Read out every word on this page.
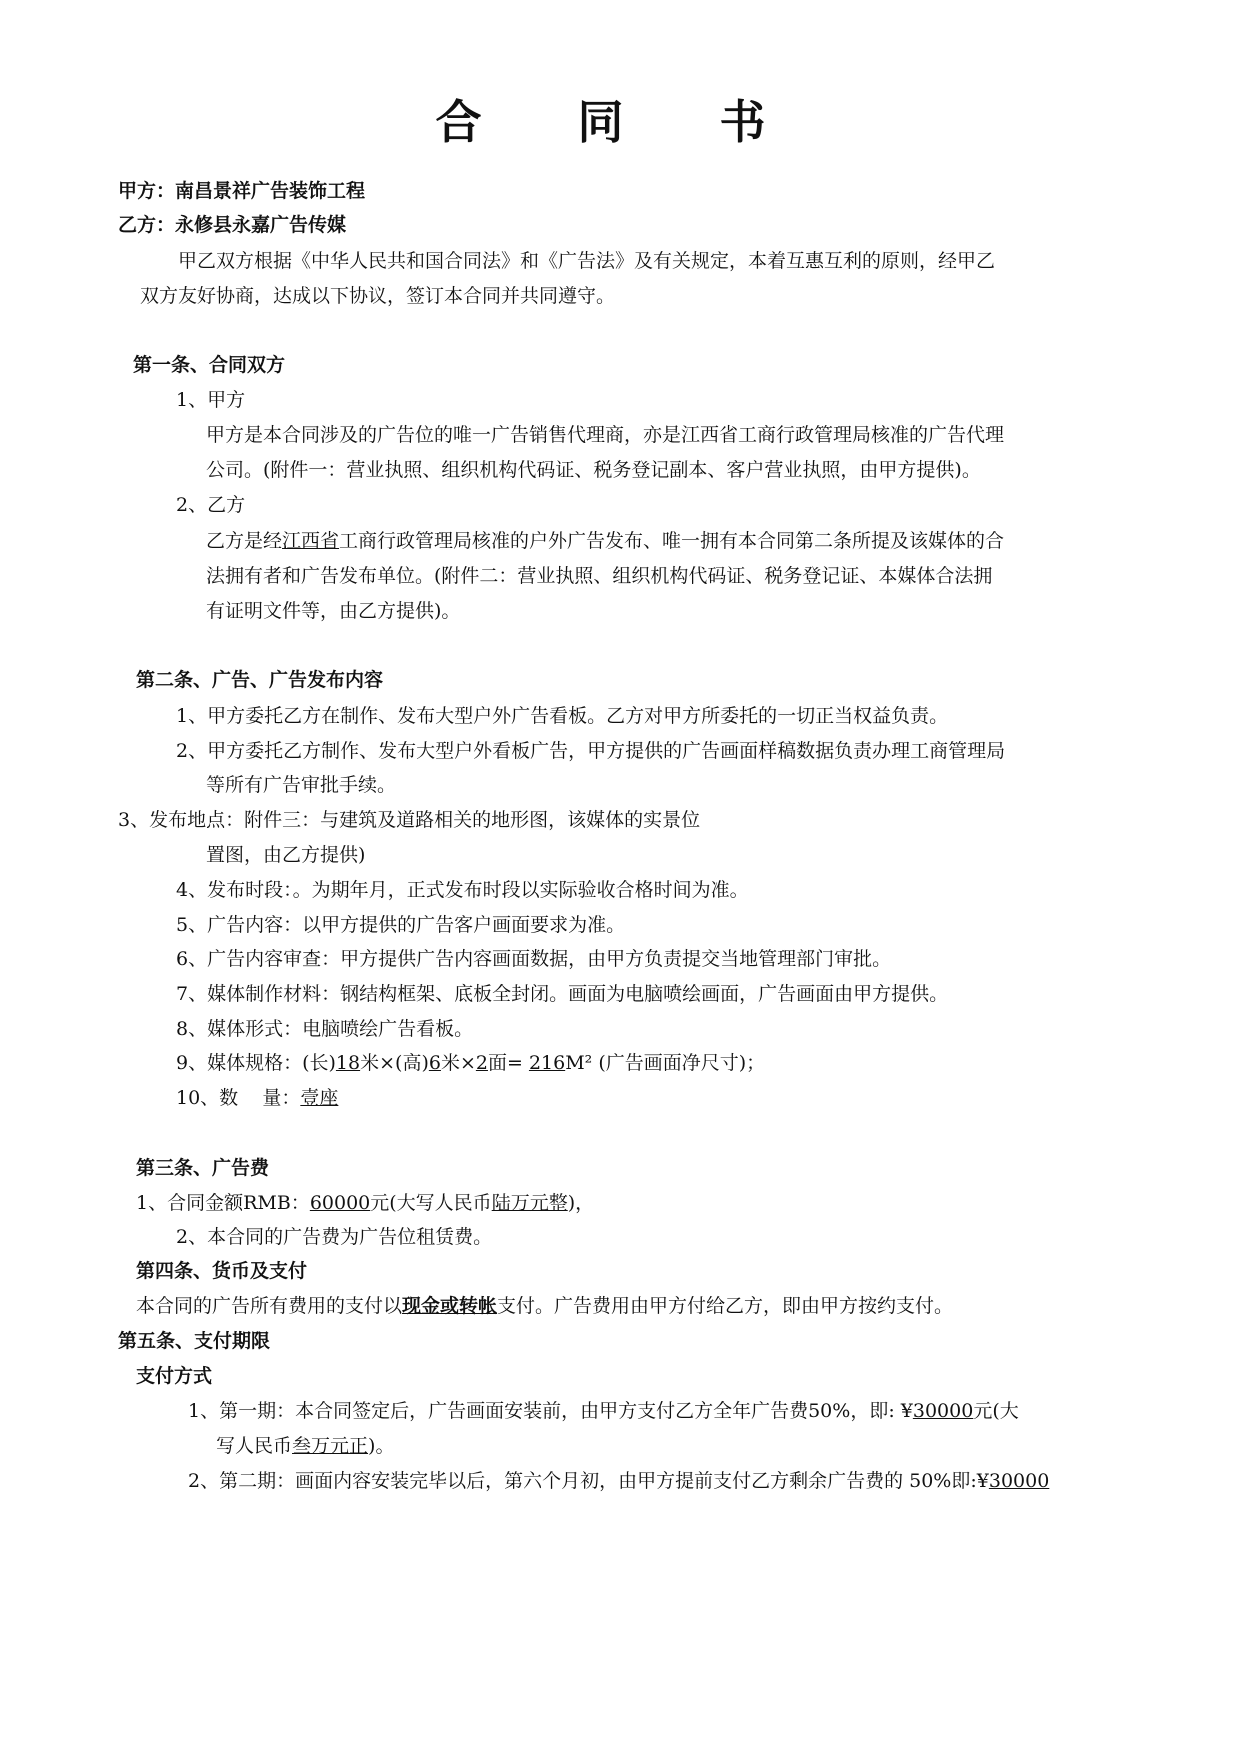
合 同 书
甲方：南昌景祥广告装饰工程
乙方：永修县永嘉广告传媒
甲乙双方根据《中华人民共和国合同法》和《广告法》及有关规定，本着互惠互利的原则，经甲乙
双方友好协商，达成以下协议，签订本合同并共同遵守。
第一条、合同双方
1、甲方
甲方是本合同涉及的广告位的唯一广告销售代理商，亦是江西省工商行政管理局核准的广告代理
公司。(附件一：营业执照、组织机构代码证、税务登记副本、客户营业执照，由甲方提供)。
2、乙方
乙方是经江西省工商行政管理局核准的户外广告发布、唯一拥有本合同第二条所提及该媒体的合
法拥有者和广告发布单位。(附件二：营业执照、组织机构代码证、税务登记证、本媒体合法拥
有证明文件等，由乙方提供)。
第二条、广告、广告发布内容
1、甲方委托乙方在制作、发布大型户外广告看板。乙方对甲方所委托的一切正当权益负责。
2、甲方委托乙方制作、发布大型户外看板广告，甲方提供的广告画面样稿数据负责办理工商管理局
等所有广告审批手续。
3、发布地点：附件三：与建筑及道路相关的地形图，该媒体的实景位
置图，由乙方提供)
4、发布时段：。为期年月，正式发布时段以实际验收合格时间为准。
5、广告内容：以甲方提供的广告客户画面要求为准。
6、广告内容审查：甲方提供广告内容画面数据，由甲方负责提交当地管理部门审批。
7、媒体制作材料：钢结构框架、底板全封闭。画面为电脑喷绘画面，广告画面由甲方提供。
8、媒体形式：电脑喷绘广告看板。
9、媒体规格：(长)18米×(高)6米×2面= 216M² (广告画面净尺寸)；
10、数    量：壹座
第三条、广告费
1、合同金额RMB：60000元(大写人民币陆万元整)，
2、本合同的广告费为广告位租赁费。
第四条、货币及支付
本合同的广告所有费用的支付以现金或转帐支付。广告费用由甲方付给乙方，即由甲方按约支付。
第五条、支付期限
支付方式
1、第一期：本合同签定后，广告画面安装前，由甲方支付乙方全年广告费50%，即: ¥30000元(大
写人民币叁万元正)。
2、第二期：画面内容安装完毕以后，第六个月初，由甲方提前支付乙方剩余广告费的 50%即:¥30000
